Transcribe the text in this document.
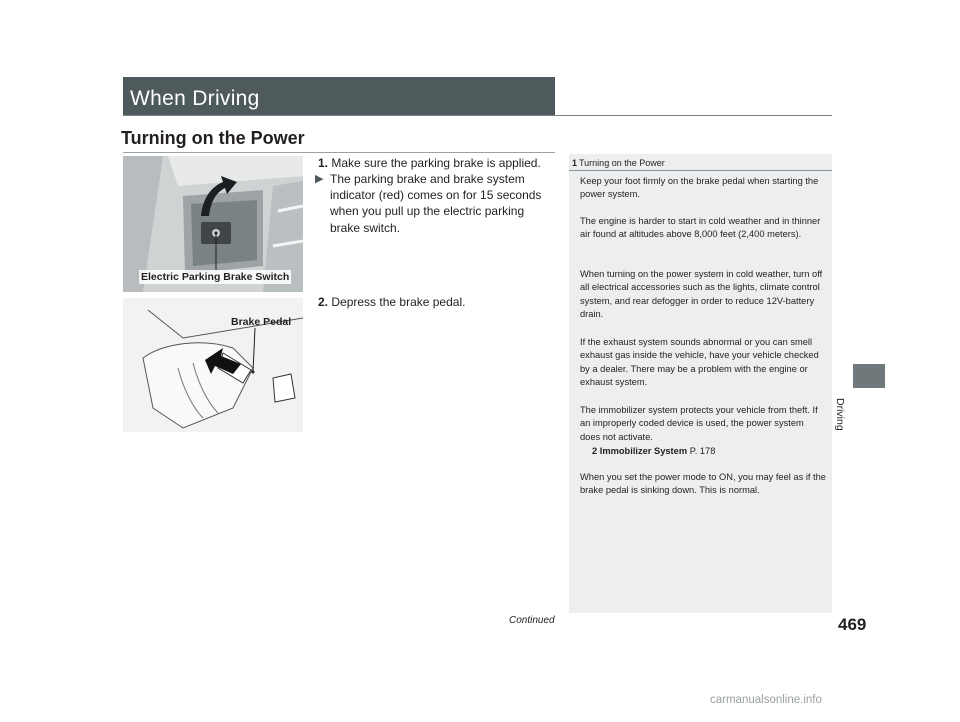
When Driving
Turning on the Power
Electric Parking Brake Switch
Brake Pedal
1. Make sure the parking brake is applied.
▶ The parking brake and brake system indicator (red) comes on for 15 seconds when you pull up the electric parking brake switch.
2. Depress the brake pedal.
1 Turning on the Power
Keep your foot firmly on the brake pedal when starting the power system.
The engine is harder to start in cold weather and in thinner air found at altitudes above 8,000 feet (2,400 meters).
When turning on the power system in cold weather, turn off all electrical accessories such as the lights, climate control system, and rear defogger in order to reduce 12V-battery drain.
If the exhaust system sounds abnormal or you can smell exhaust gas inside the vehicle, have your vehicle checked by a dealer. There may be a problem with the engine or exhaust system.
The immobilizer system protects your vehicle from theft. If an improperly coded device is used, the power system does not activate.
2 Immobilizer System P. 178
When you set the power mode to ON, you may feel as if the brake pedal is sinking down. This is normal.
Driving
Continued	469
carmanualsonline.info
